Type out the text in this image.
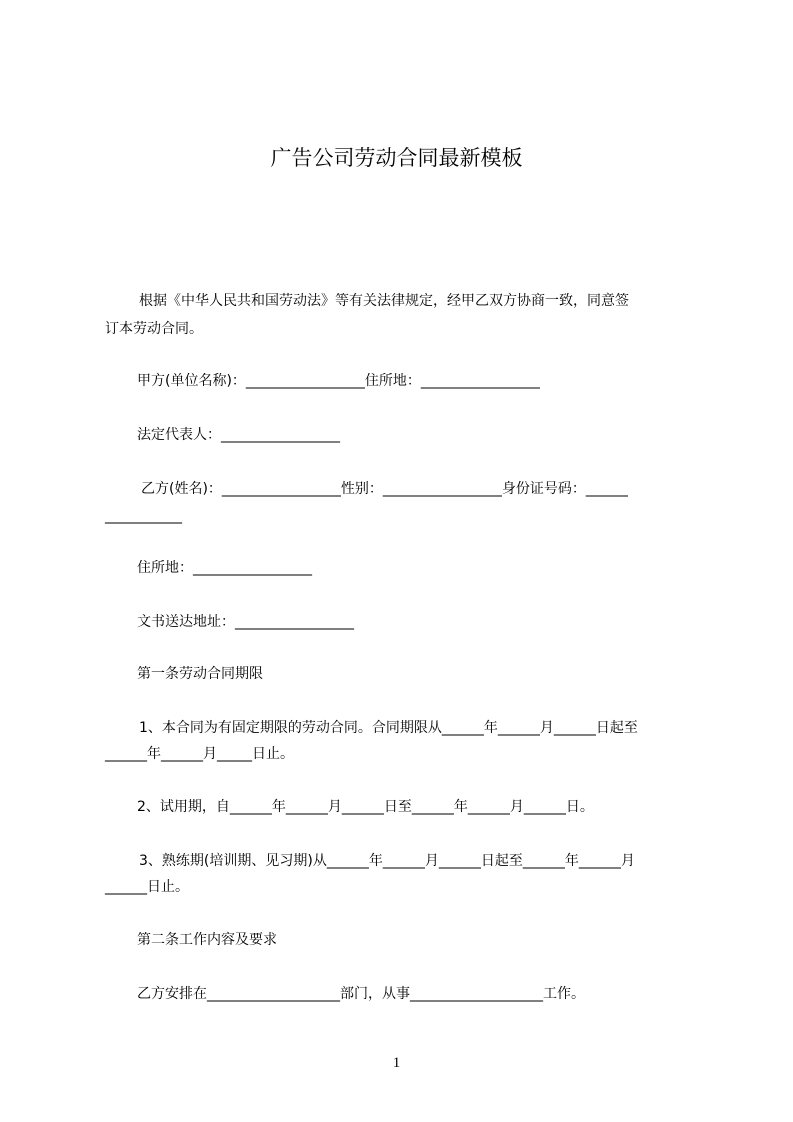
广告公司劳动合同最新模板
根据《中华人民共和国劳动法》等有关法律规定，经甲乙双方协商一致，同意签
订本劳动合同。
甲方(单位名称)：_________________住所地：_________________
法定代表人：_________________
乙方(姓名)：_________________性别：_________________身份证号码：______
___________
住所地：_________________
文书送达地址：_________________
第一条劳动合同期限
1、本合同为有固定期限的劳动合同。合同期限从______年______月______日起至
______年______月_____日止。
2、试用期，自______年______月______日至______年______月______日。
3、熟练期(培训期、见习期)从______年______月______日起至______年______月
______日止。
第二条工作内容及要求
乙方安排在___________________部门，从事___________________工作。
1
